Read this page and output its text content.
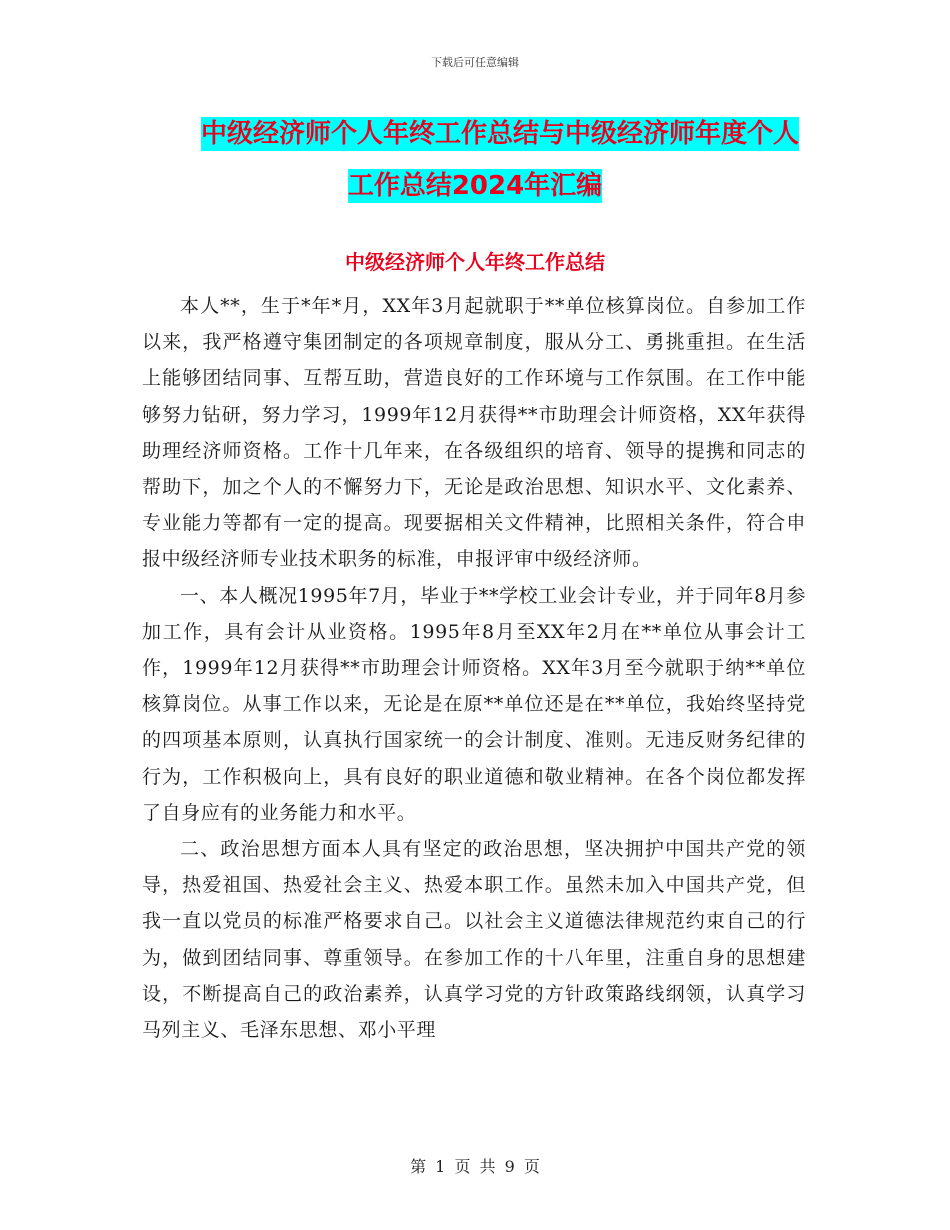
下载后可任意编辑
中级经济师个人年终工作总结与中级经济师年度个人
工作总结2024年汇编
中级经济师个人年终工作总结

本人**，生于*年*月，XX年3月起就职于**单位核算岗位。自参加工作以来，我严格遵守集团制定的各项规章制度，服从分工、勇挑重担。在生活上能够团结同事、互帮互助，营造良好的工作环境与工作氛围。在工作中能够努力钻研，努力学习，1999年12月获得**市助理会计师资格，XX年获得助理经济师资格。工作十几年来，在各级组织的培育、领导的提携和同志的帮助下，加之个人的不懈努力下，无论是政治思想、知识水平、文化素养、专业能力等都有一定的提高。现要据相关文件精神，比照相关条件，符合申报中级经济师专业技术职务的标准，申报评审中级经济师。

一、本人概况1995年7月，毕业于**学校工业会计专业，并于同年8月参加工作，具有会计从业资格。1995年8月至XX年2月在**单位从事会计工作，1999年12月获得**市助理会计师资格。XX年3月至今就职于纳**单位核算岗位。从事工作以来，无论是在原**单位还是在**单位，我始终坚持党的四项基本原则，认真执行国家统一的会计制度、准则。无违反财务纪律的行为，工作积极向上，具有良好的职业道德和敬业精神。在各个岗位都发挥了自身应有的业务能力和水平。

二、政治思想方面本人具有坚定的政治思想，坚决拥护中国共产党的领导，热爱祖国、热爱社会主义、热爱本职工作。虽然未加入中国共产党，但我一直以党员的标准严格要求自己。以社会主义道德法律规范约束自己的行为，做到团结同事、尊重领导。在参加工作的十八年里，注重自身的思想建设，不断提高自己的政治素养，认真学习党的方针政策路线纲领，认真学习马列主义、毛泽东思想、邓小平理

第 1 页 共 9 页
